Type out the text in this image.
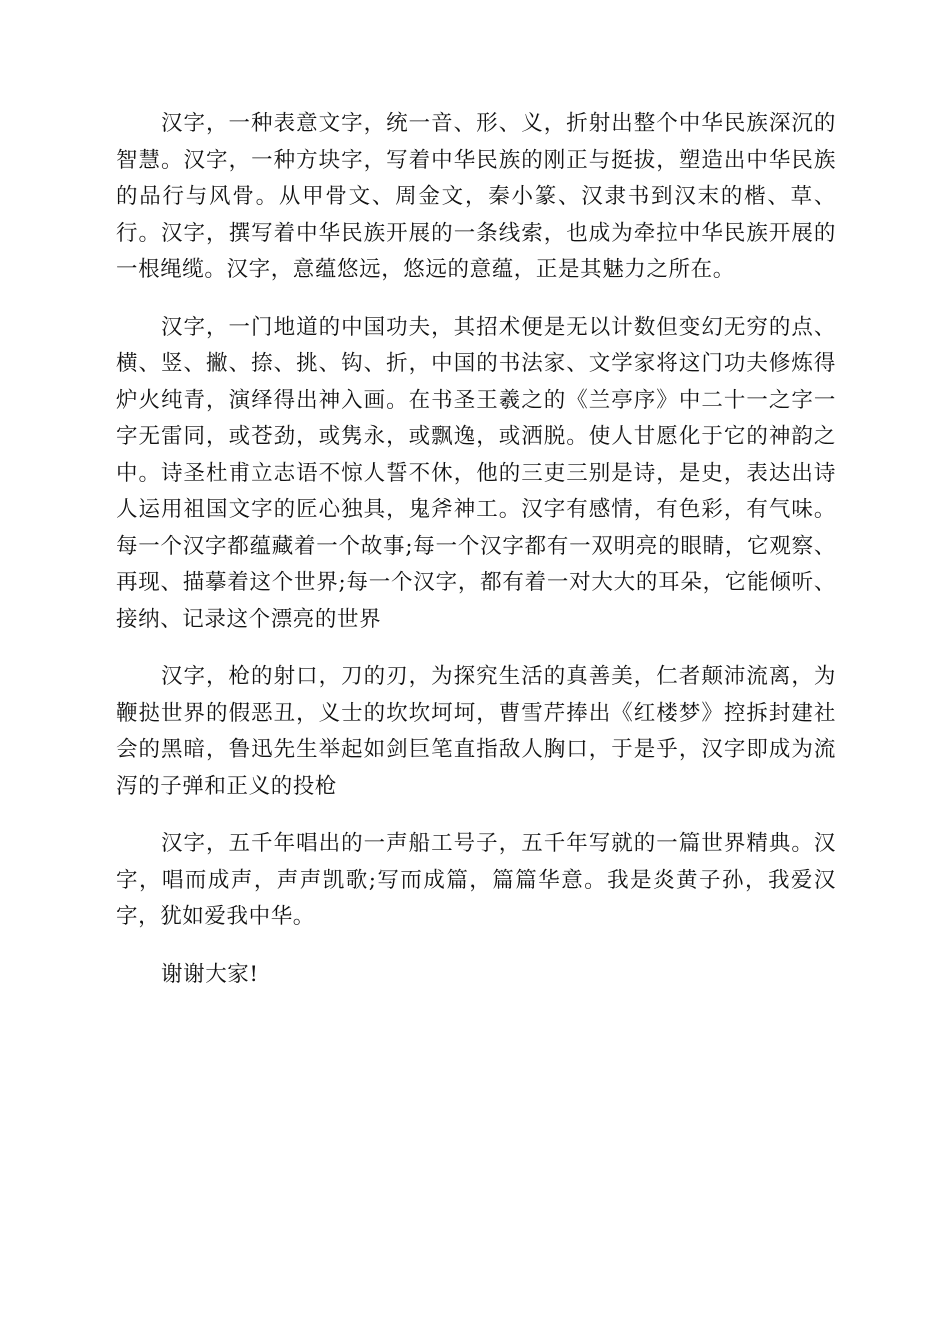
汉字，一种表意文字，统一音、形、义，折射出整个中华民族深沉的智慧。汉字，一种方块字，写着中华民族的刚正与挺拔，塑造出中华民族的品行与风骨。从甲骨文、周金文，秦小篆、汉隶书到汉末的楷、草、行。汉字，撰写着中华民族开展的一条线索，也成为牵拉中华民族开展的一根绳缆。汉字，意蕴悠远，悠远的意蕴，正是其魅力之所在。

汉字，一门地道的中国功夫，其招术便是无以计数但变幻无穷的点、横、竖、撇、捺、挑、钩、折，中国的书法家、文学家将这门功夫修炼得炉火纯青，演绎得出神入画。在书圣王羲之的《兰亭序》中二十一之字一字无雷同，或苍劲，或隽永，或飘逸，或洒脱。使人甘愿化于它的神韵之中。诗圣杜甫立志语不惊人誓不休，他的三吏三别是诗，是史，表达出诗人运用祖国文字的匠心独具，鬼斧神工。汉字有感情，有色彩，有气味。每一个汉字都蕴藏着一个故事;每一个汉字都有一双明亮的眼睛，它观察、再现、描摹着这个世界;每一个汉字，都有着一对大大的耳朵，它能倾听、接纳、记录这个漂亮的世界

汉字，枪的射口，刀的刃，为探究生活的真善美，仁者颠沛流离，为鞭挞世界的假恶丑，义士的坎坎坷坷，曹雪芹捧出《红楼梦》控拆封建社会的黑暗，鲁迅先生举起如剑巨笔直指敌人胸口，于是乎，汉字即成为流泻的子弹和正义的投枪

汉字，五千年唱出的一声船工号子，五千年写就的一篇世界精典。汉字，唱而成声，声声凯歌;写而成篇，篇篇华意。我是炎黄子孙，我爱汉字，犹如爱我中华。

谢谢大家!
